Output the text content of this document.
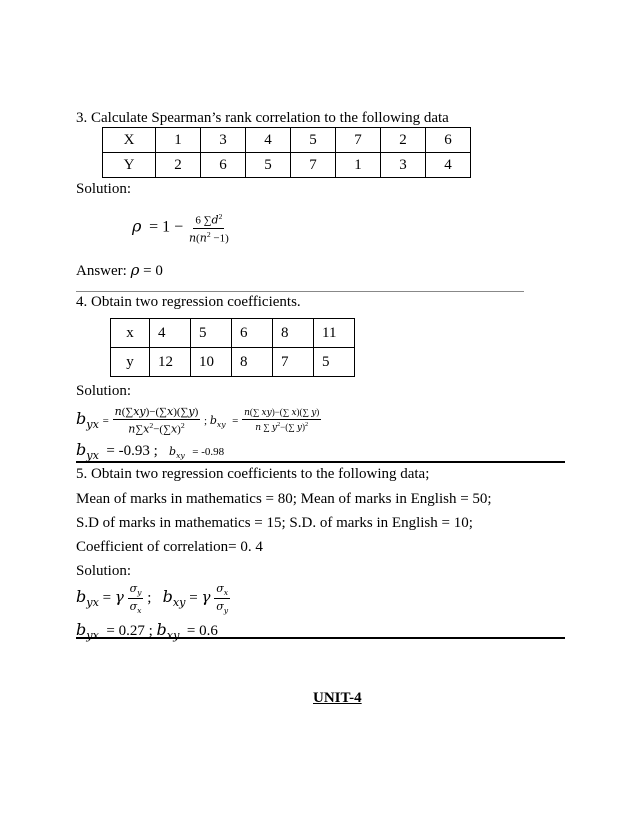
3. Calculate Spearman’s rank correlation to the following data
X	1	3	4	5	7	2	6
Y	2	6	5	7	1	3	4
Solution:
$\rho = 1 - \frac{6 \sum d^2}{n(n^2 -1)}$
Answer: ρ = 0
4. Obtain two regression coefficients.
x	4	5	6	8	11
y	12	10	8	7	5
Solution:
$b_{yx} = \frac{n(\sum xy)-(\sum x)(\sum y)}{n\sum x^2-(\sum x)^2}$ ; $b_{xy} = \frac{n(\sum xy)-(\sum x)(\sum y)}{n \sum y^2-(\sum y)^2}$
$b_{yx} = -0.93$ ; $b_{xy} = -0.98$
5. Obtain two regression coefficients to the following data;
Mean of marks in mathematics = 80; Mean of marks in English = 50;
S.D of marks in mathematics = 15; S.D. of marks in English = 10;
Coefficient of correlation= 0. 4
Solution:
$b_{yx} = \gamma \frac{\sigma_y}{\sigma_x}$ ;   $b_{xy} = \gamma \frac{\sigma_x}{\sigma_y}$
$b_{yx} = 0.27$ ; $b_{xy} = 0.6$
UNIT-4
